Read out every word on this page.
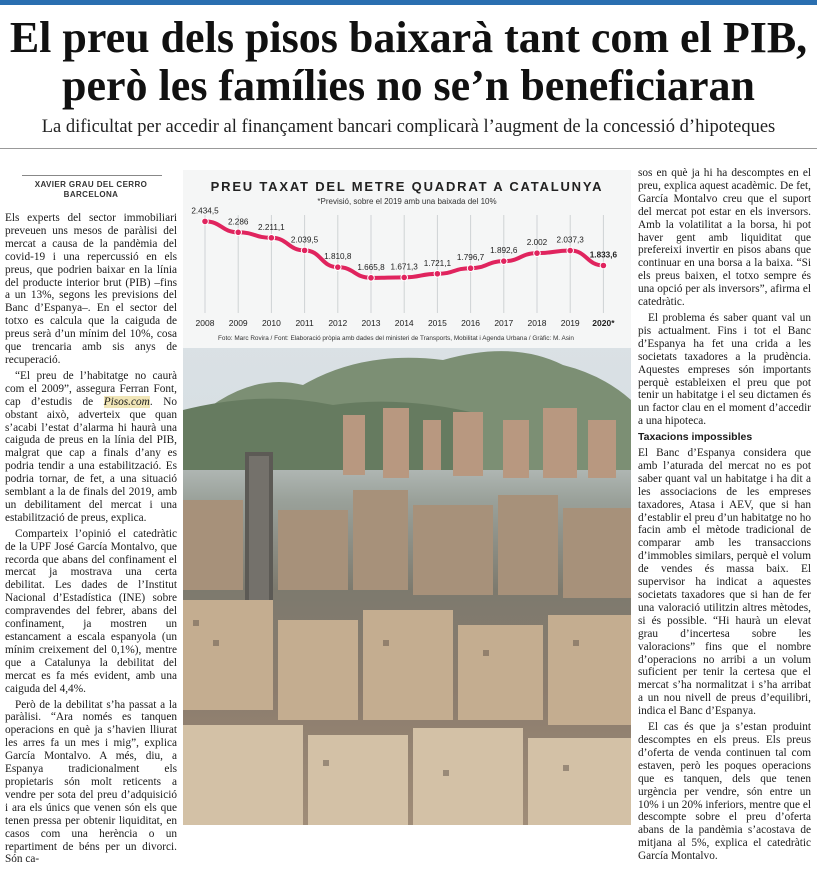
El preu dels pisos baixarà tant com el PIB,
però les famílies no se’n beneficiaran
La dificultat per accedir al finançament bancari complicarà l’augment de la concessió d’hipoteques
XAVIER GRAU DEL CERRO
BARCELONA

Els experts del sector immobiliari preveuen uns mesos de paràlisi del mercat a causa de la pandèmia del covid-19 i una repercussió en els preus, que podrien baixar en la línia del producte interior brut (PIB) –fins a un 13%, segons les previsions del Banc d’Espanya–. En el sector del totxo es calcula que la caiguda de preus serà d’un mínim del 10%, cosa que trencaria amb sis anys de recuperació.

“El preu de l’habitatge no caurà com el 2009”, assegura Ferran Font, cap d’estudis de Pisos.com. No obstant això, adverteix que quan s’acabi l’estat d’alarma hi haurà una caiguda de preus en la línia del PIB, malgrat que cap a finals d’any es podria tendir a una estabilització. Es podria tornar, de fet, a una situació semblant a la de finals del 2019, amb un debilitament del mercat i una estabilització de preus, explica.

Comparteix l’opinió el catedràtic de la UPF José García Montalvo, que recorda que abans del confinament el mercat ja mostrava una certa debilitat. Les dades de l’Institut Nacional d’Estadística (INE) sobre compravendes del febrer, abans del confinament, ja mostren un estancament a escala espanyola (un mínim creixement del 0,1%), mentre que a Catalunya la debilitat del mercat es fa més evident, amb una caiguda del 4,4%.

Però de la debilitat s’ha passat a la paràlisi. “Ara només es tanquen operacions en què ja s’havien lliurat les arres fa un mes i mig”, explica García Montalvo. A més, diu, a Espanya tradicionalment els propietaris són molt reticents a vendre per sota del preu d’adquisició i ara els únics que venen són els que tenen pressa per obtenir liquiditat, en casos com una herència o un repartiment de béns per un divorci. Són ca-

PREU TAXAT DEL METRE QUADRAT A CATALUNYA
*Previsió, sobre el 2019 amb una baixada del 10%
2.434,5
2008
2.286
2009
2.211,1
2010
2.039,5
2011
1.810,8
2012
1.665,8
2013
1.671,3
2014
1.721,1
2015
1.796,7
2016
1.892,6
2017
2.002
2018
2.037,3
2019
1.833,6
2020*
Foto: Marc Rovira / Font: Elaboració pròpia amb dades del ministeri de Transports, Mobilitat i Agenda Urbana / Gràfic: M. Asin

sos en què ja hi ha descomptes en el preu, explica aquest acadèmic. De fet, García Montalvo creu que el suport del mercat pot estar en els inversors. Amb la volatilitat a la borsa, hi pot haver gent amb liquiditat que prefereixi invertir en pisos abans que continuar en una borsa a la baixa. “Si els preus baixen, el totxo sempre és una opció per als inversors”, afirma el catedràtic.

El problema és saber quant val un pis actualment. Fins i tot el Banc d’Espanya ha fet una crida a les societats taxadores a la prudència. Aquestes empreses són importants perquè estableixen el preu que pot tenir un habitatge i el seu dictamen és un factor clau en el moment d’accedir a una hipoteca.

Taxacions impossibles

El Banc d’Espanya considera que amb l’aturada del mercat no es pot saber quant val un habitatge i ha dit a les associacions de les empreses taxadores, Atasa i AEV, que si han d’establir el preu d’un habitatge no ho facin amb el mètode tradicional de comparar amb les transaccions d’immobles similars, perquè el volum de vendes és massa baix. El supervisor ha indicat a aquestes societats taxadores que si han de fer una valoració utilitzin altres mètodes, si és possible. “Hi haurà un elevat grau d’incertesa sobre les valoracions” fins que el nombre d’operacions no arribi a un volum suficient per tenir la certesa que el mercat s’ha normalitzat i s’ha arribat a un nou nivell de preus d’equilibri, indica el Banc d’Espanya.

El cas és que ja s’estan produint descomptes en els preus. Els preus d’oferta de venda continuen tal com estaven, però les poques operacions que es tanquen, dels que tenen urgència per vendre, són entre un 10% i un 20% inferiors, mentre que el descompte sobre el preu d’oferta abans de la pandèmia s’acostava de mitjana al 5%, explica el catedràtic García Montalvo.
